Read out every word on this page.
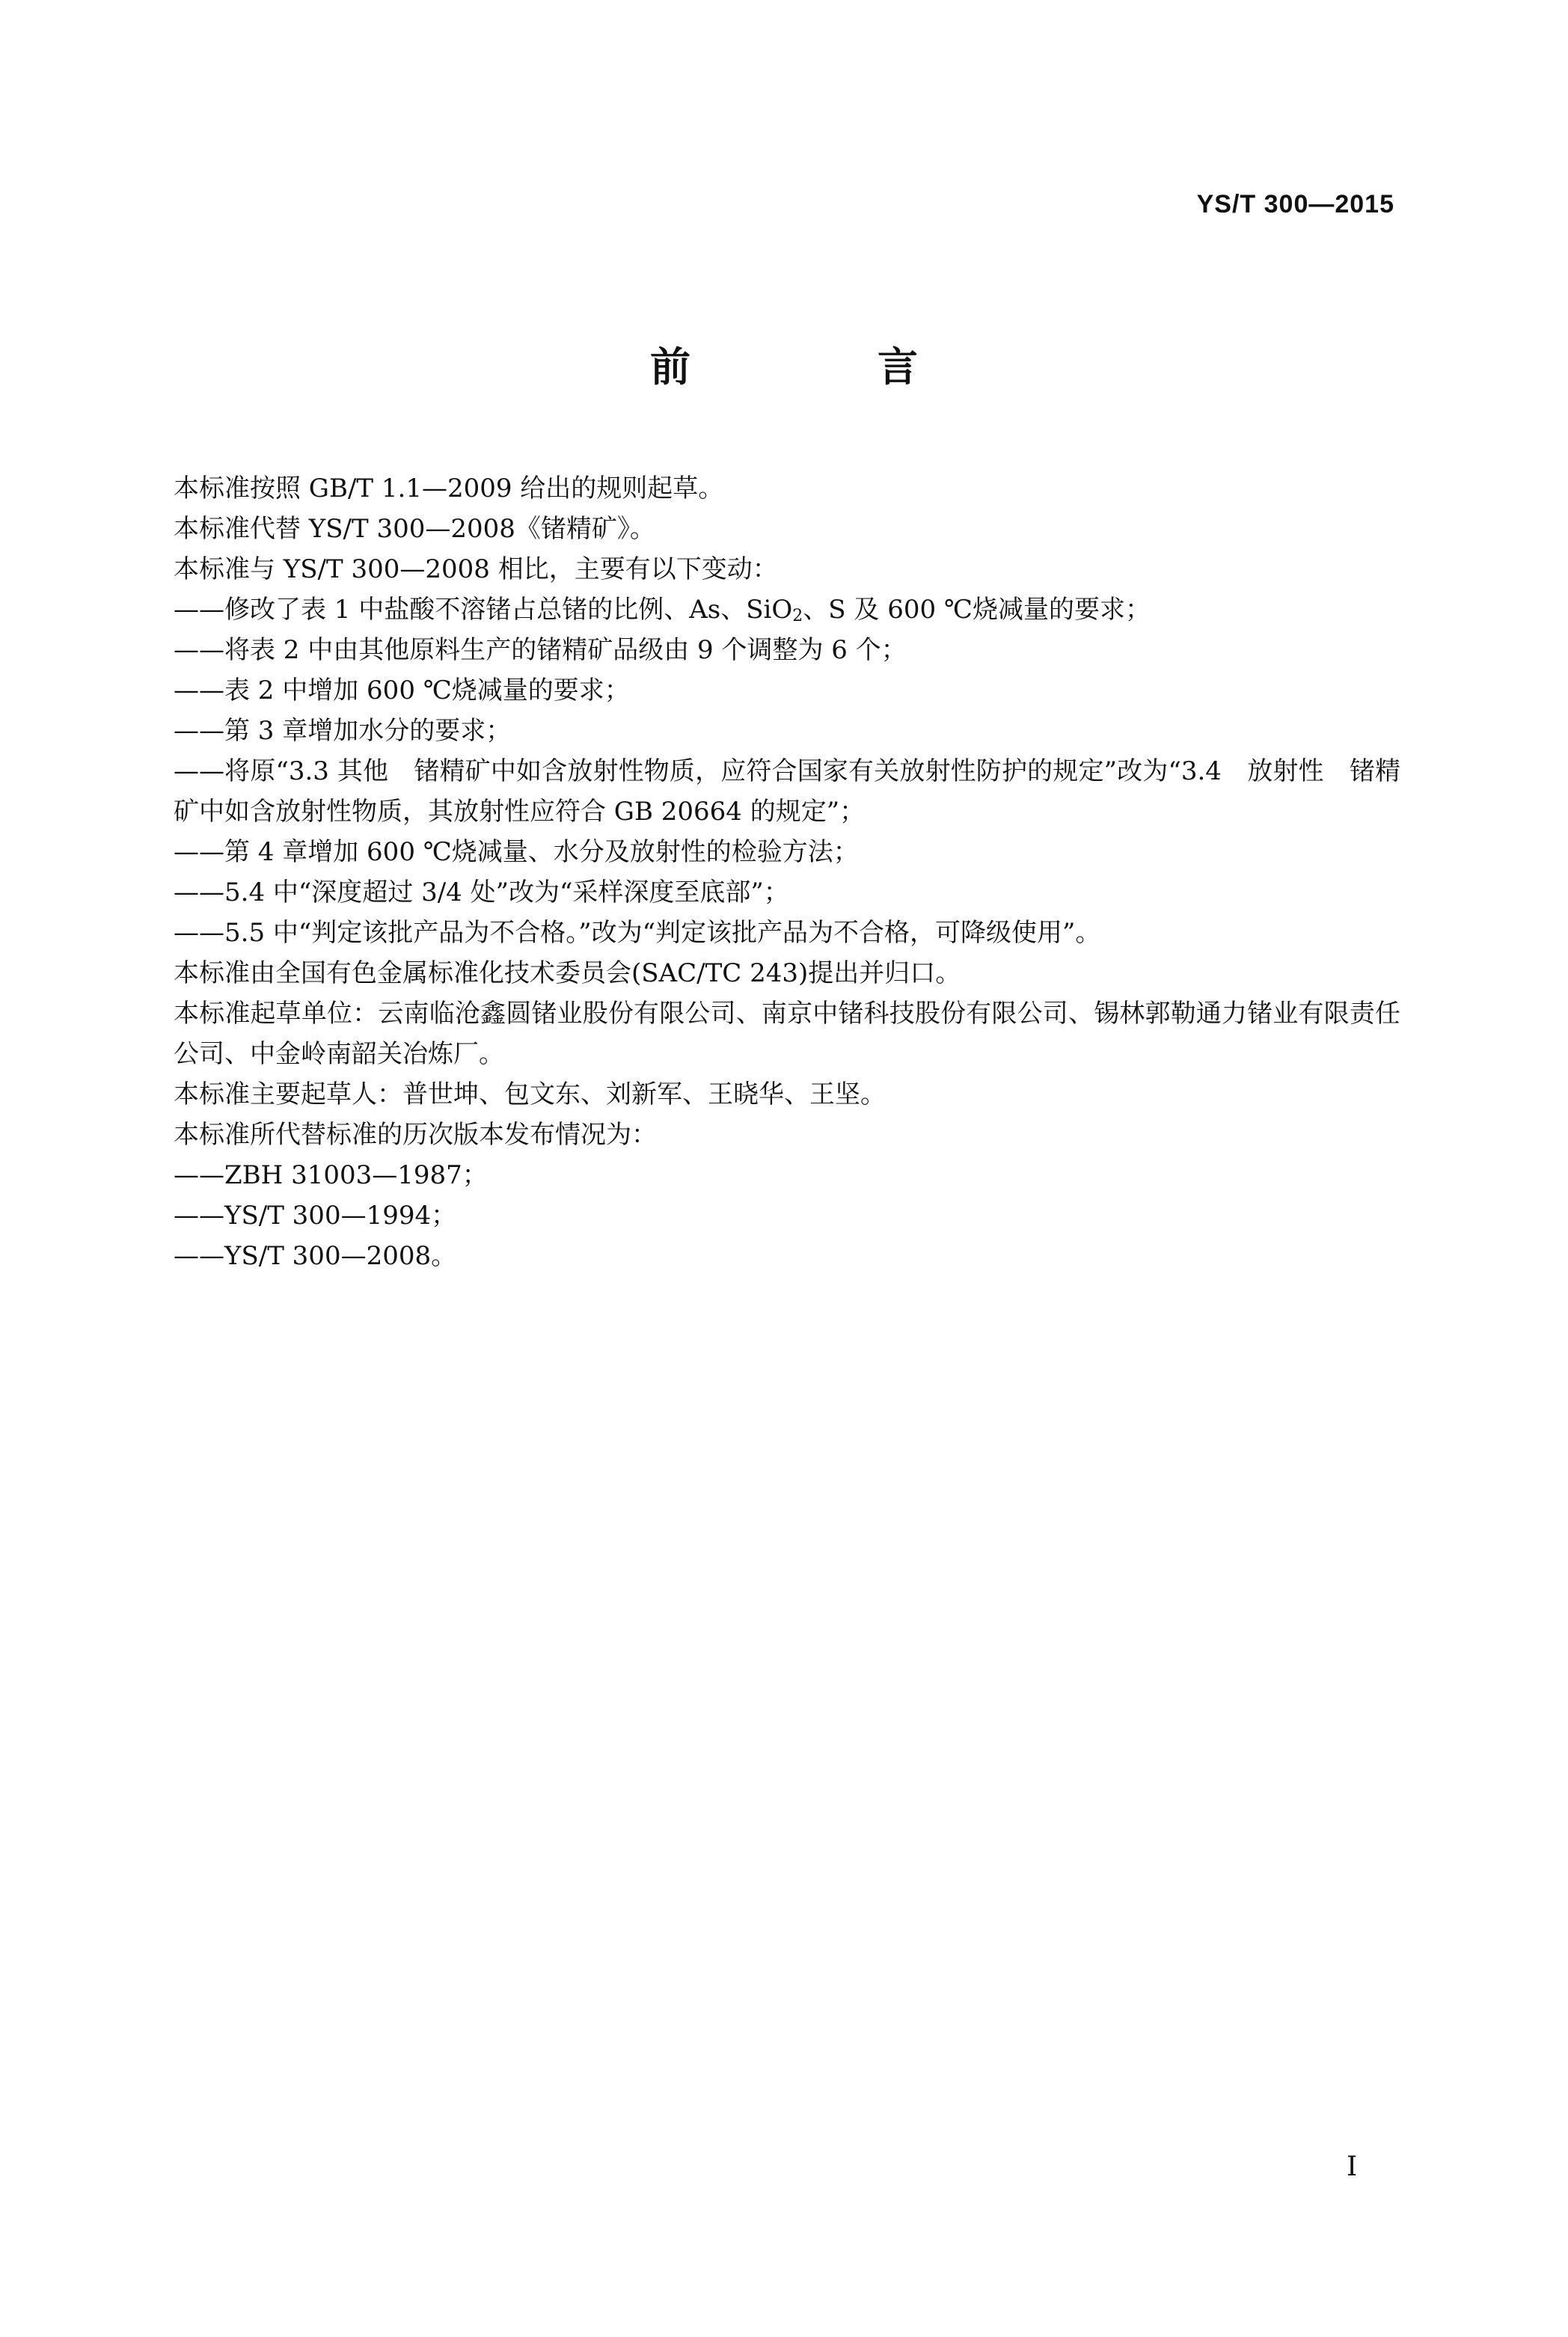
YS/T 300—2015
前　言
本标准按照 GB/T 1.1—2009 给出的规则起草。
本标准代替 YS/T 300—2008《锗精矿》。
本标准与 YS/T 300—2008 相比，主要有以下变动：
——修改了表 1 中盐酸不溶锗占总锗的比例、As、SiO$_2$、S 及 600 ℃烧减量的要求；
——将表 2 中由其他原料生产的锗精矿品级由 9 个调整为 6 个；
——表 2 中增加 600 ℃烧减量的要求；
——第 3 章增加水分的要求；
——将原“3.3 其他　锗精矿中如含放射性物质，应符合国家有关放射性防护的规定”改为“3.4　放射性　锗精矿中如含放射性物质，其放射性应符合 GB 20664 的规定”；
——第 4 章增加 600 ℃烧减量、水分及放射性的检验方法；
——5.4 中“深度超过 3/4 处”改为“采样深度至底部”；
——5.5 中“判定该批产品为不合格。”改为“判定该批产品为不合格，可降级使用”。
本标准由全国有色金属标准化技术委员会(SAC/TC 243)提出并归口。
本标准起草单位：云南临沧鑫圆锗业股份有限公司、南京中锗科技股份有限公司、锡林郭勒通力锗业有限责任公司、中金岭南韶关冶炼厂。
本标准主要起草人：普世坤、包文东、刘新军、王晓华、王坚。
本标准所代替标准的历次版本发布情况为：
——ZBH 31003—1987；
——YS/T 300—1994；
——YS/T 300—2008。
I
